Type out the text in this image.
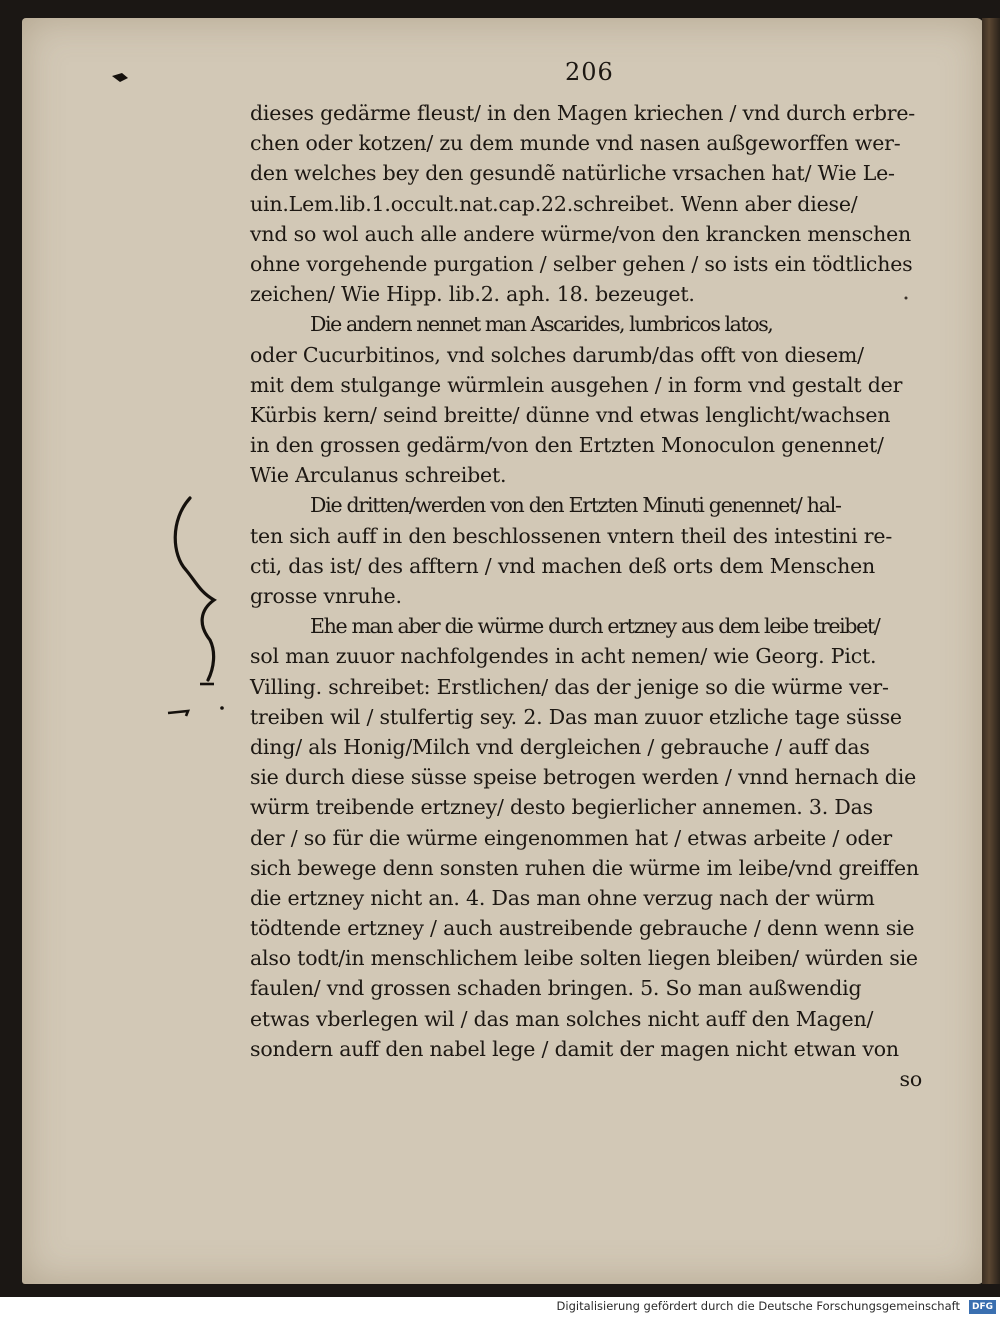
206
dieses gedärme fleust/ in den Magen kriechen / vnd durch erbre-
chen oder kotzen/ zu dem munde vnd nasen außgeworffen wer-
den welches bey den gesundẽ natürliche vrsachen hat/ Wie Le-
uin.Lem.lib.1.occult.nat.cap.22.schreibet. Wenn aber diese/
vnd so wol auch alle andere würme/von den krancken menschen
ohne vorgehende purgation / selber gehen / so ists ein tödtliches
zeichen/ Wie Hipp. lib.2. aph. 18. bezeuget.
Die andern nennet man Ascarides, lumbricos latos,
oder Cucurbitinos, vnd solches darumb/das offt von diesem/
mit dem stulgange würmlein ausgehen / in form vnd gestalt der
Kürbis kern/ seind breitte/ dünne vnd etwas lenglicht/wachsen
in den grossen gedärm/von den Ertzten Monoculon genennet/
Wie Arculanus schreibet.
Die dritten/werden von den Ertzten Minuti genennet/ hal-
ten sich auff in den beschlossenen vntern theil des intestini re-
cti, das ist/ des afftern / vnd machen deß orts dem Menschen
grosse vnruhe.
Ehe man aber die würme durch ertzney aus dem leibe treibet/
sol man zuuor nachfolgendes in acht nemen/ wie Georg. Pict.
Villing. schreibet: Erstlichen/ das der jenige so die würme ver-
treiben wil / stulfertig sey. 2. Das man zuuor etzliche tage süsse
ding/ als Honig/Milch vnd dergleichen / gebrauche / auff das
sie durch diese süsse speise betrogen werden / vnnd hernach die
würm treibende ertzney/ desto begierlicher annemen. 3. Das
der / so für die würme eingenommen hat / etwas arbeite / oder
sich bewege denn sonsten ruhen die würme im leibe/vnd greiffen
die ertzney nicht an. 4. Das man ohne verzug nach der würm
tödtende ertzney / auch austreibende gebrauche / denn wenn sie
also todt/in menschlichem leibe solten liegen bleiben/ würden sie
faulen/ vnd grossen schaden bringen. 5. So man außwendig
etwas vberlegen wil / das man solches nicht auff den Magen/
sondern auff den nabel lege / damit der magen nicht etwan von
so
Digitalisierung gefördert durch die Deutsche Forschungsgemeinschaft	DFG
